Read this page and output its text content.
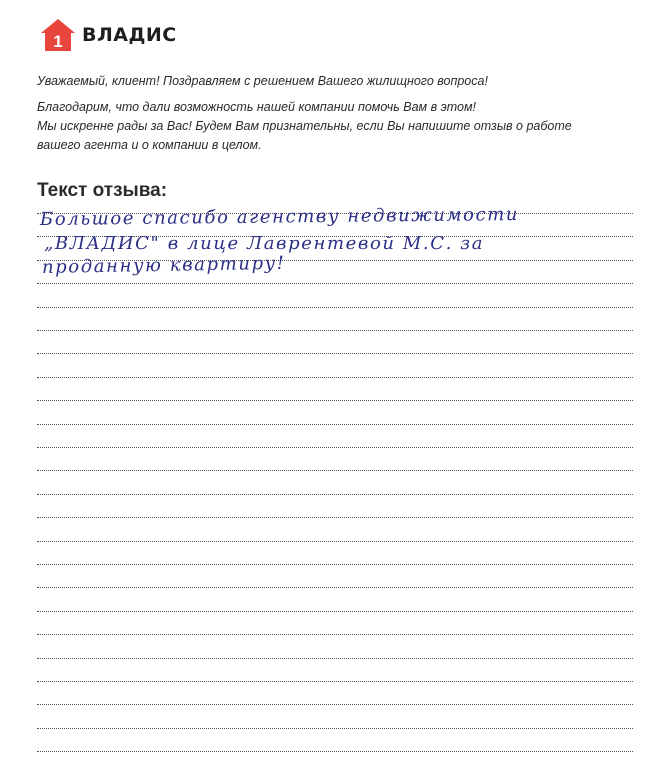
1 ВЛАДИС

Уважаемый, клиент! Поздравляем с решением Вашего жилищного вопроса!

Благодарим, что дали возможность нашей компании помочь Вам в этом!

Мы искренне рады за Вас! Будем Вам признательны, если Вы напишите отзыв о работе

вашего агента и о компании в целом.

Текст отзыва:
Большое спасибо агенству недвижимости
„ВЛАДИС" в лице Лаврентевой М.С. за
проданную квартиру!
